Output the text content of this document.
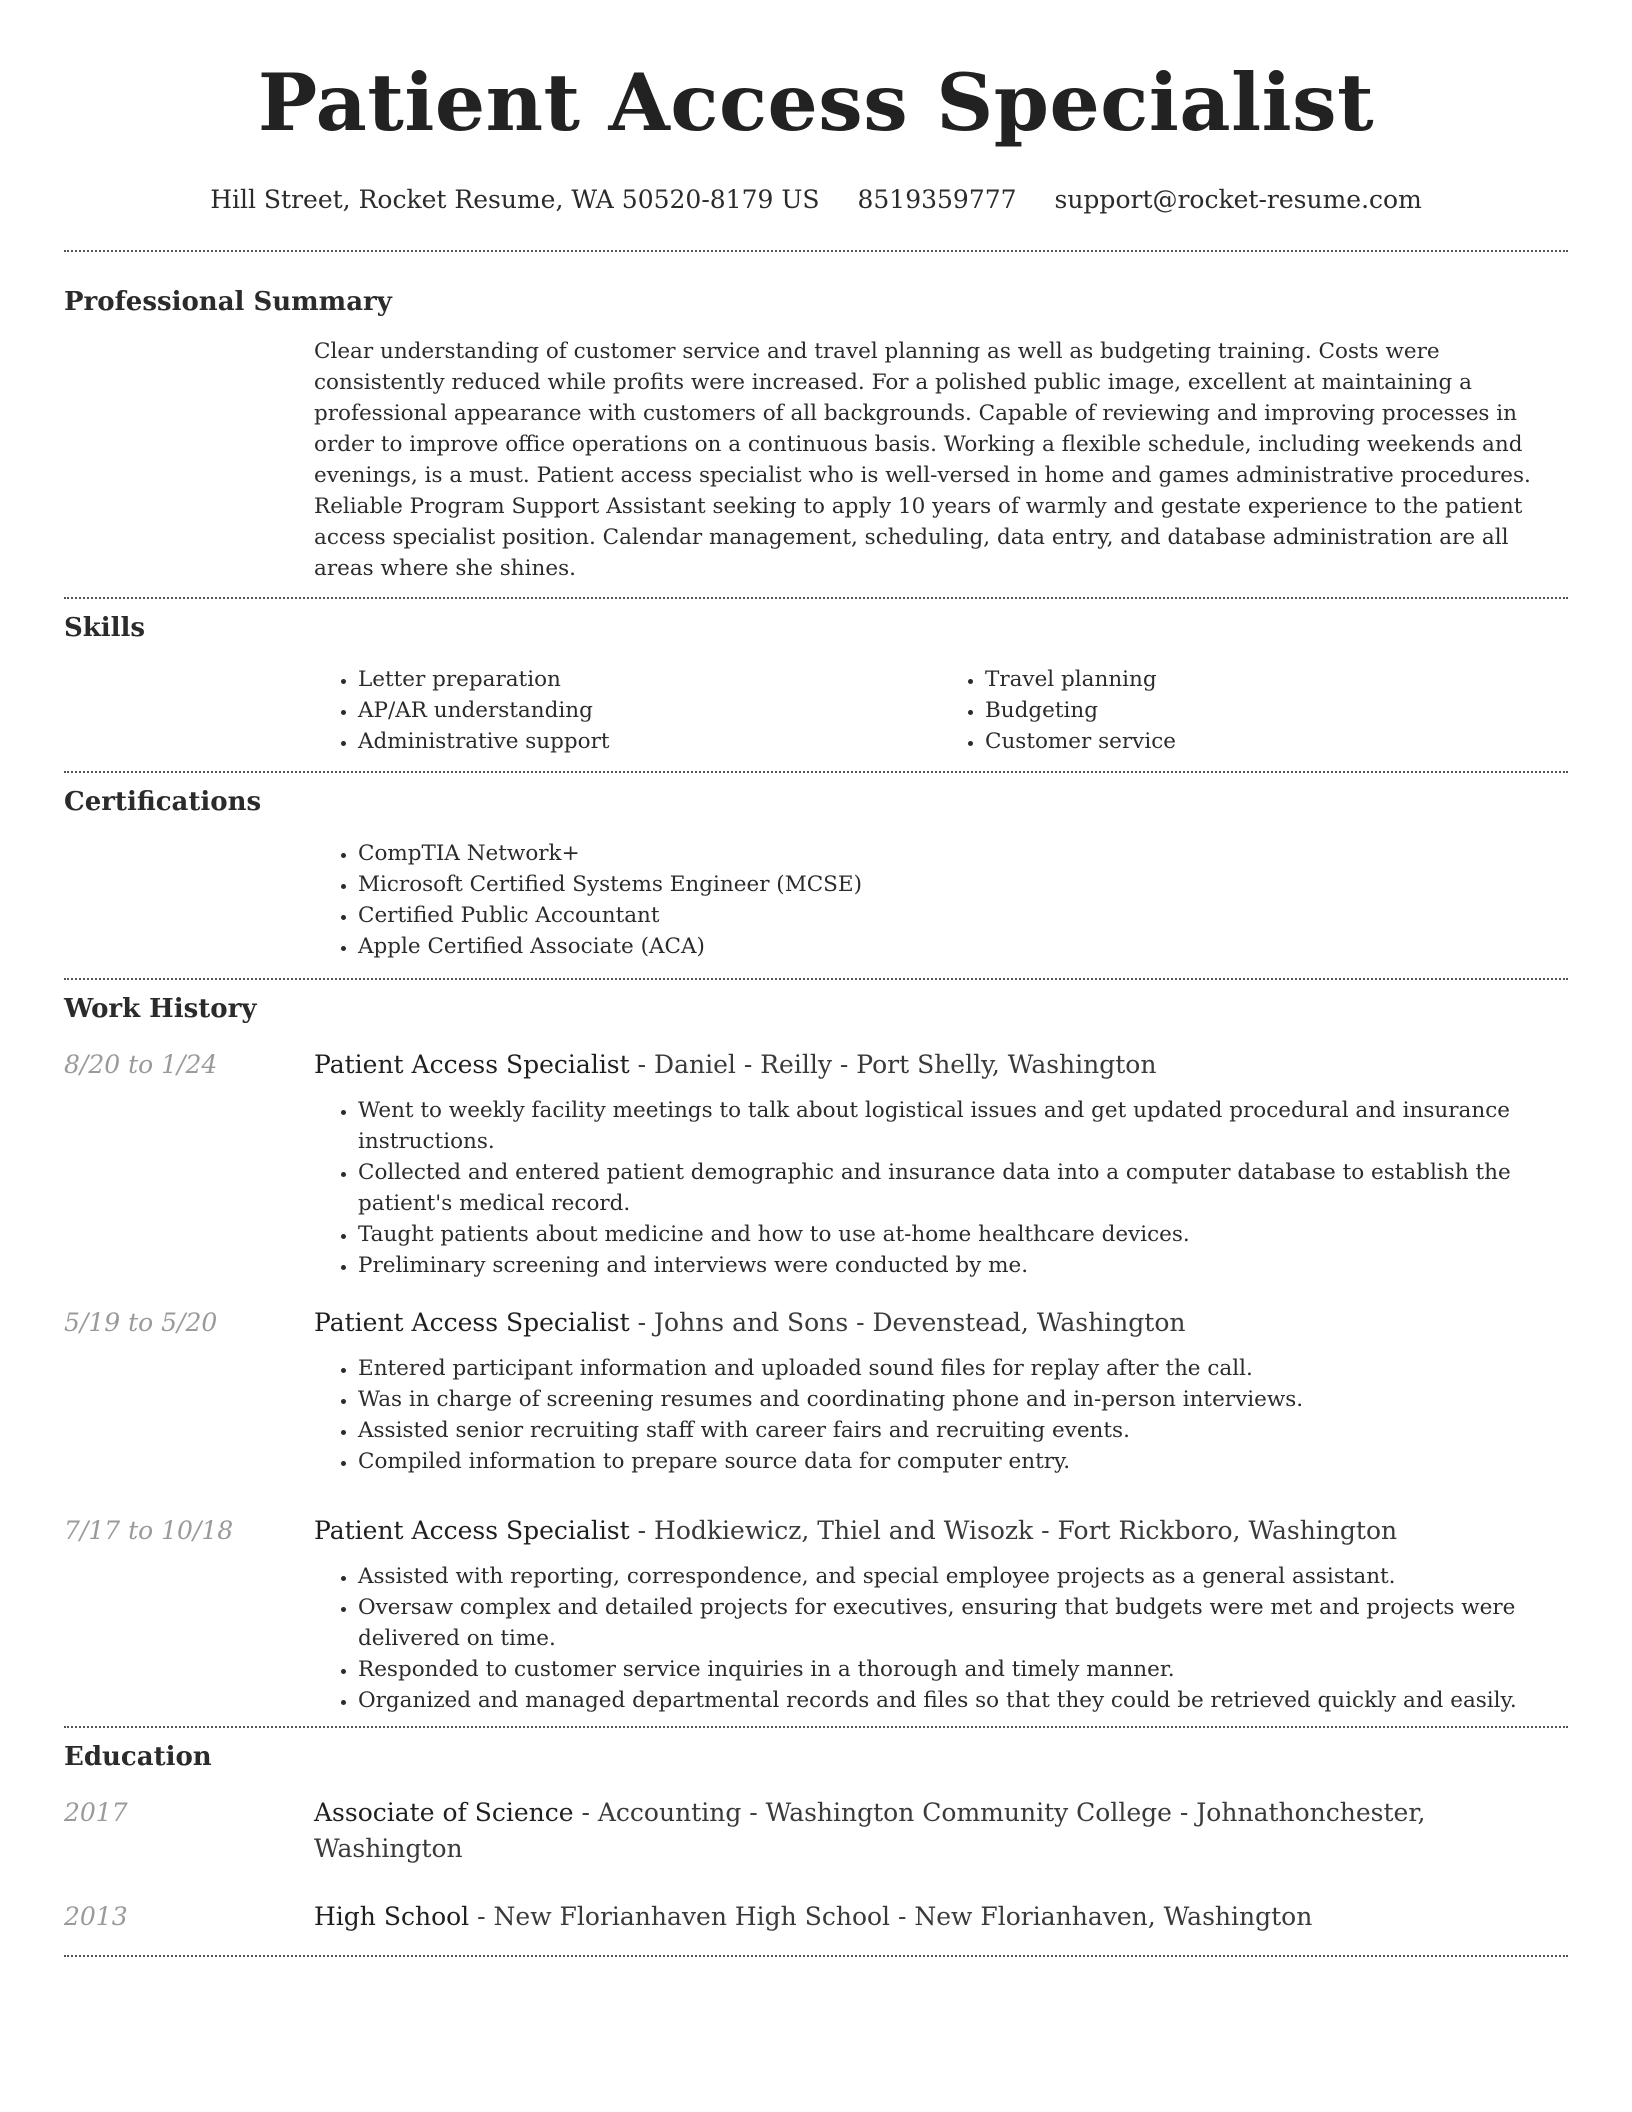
Patient Access Specialist
Hill Street, Rocket Resume, WA 50520-8179 US 8519359777 support@rocket-resume.com
Professional Summary

Clear understanding of customer service and travel planning as well as budgeting training. Costs were consistently reduced while profits were increased. For a polished public image, excellent at maintaining a professional appearance with customers of all backgrounds. Capable of reviewing and improving processes in order to improve office operations on a continuous basis. Working a flexible schedule, including weekends and evenings, is a must. Patient access specialist who is well-versed in home and games administrative procedures. Reliable Program Support Assistant seeking to apply 10 years of warmly and gestate experience to the patient access specialist position. Calendar management, scheduling, data entry, and database administration are all areas where she shines.

Skills
• Letter preparation
• AP/AR understanding
• Administrative support
• Travel planning
• Budgeting
• Customer service
Certifications
• CompTIA Network+
• Microsoft Certified Systems Engineer (MCSE)
• Certified Public Accountant
• Apple Certified Associate (ACA)
Work History
8/20 to 1/24	Patient Access Specialist - Daniel - Reilly - Port Shelly, Washington
• Went to weekly facility meetings to talk about logistical issues and get updated procedural and insurance instructions.
• Collected and entered patient demographic and insurance data into a computer database to establish the patient's medical record.
• Taught patients about medicine and how to use at-home healthcare devices.
• Preliminary screening and interviews were conducted by me.
5/19 to 5/20	Patient Access Specialist - Johns and Sons - Devenstead, Washington
• Entered participant information and uploaded sound files for replay after the call.
• Was in charge of screening resumes and coordinating phone and in-person interviews.
• Assisted senior recruiting staff with career fairs and recruiting events.
• Compiled information to prepare source data for computer entry.
7/17 to 10/18	Patient Access Specialist - Hodkiewicz, Thiel and Wisozk - Fort Rickboro, Washington
• Assisted with reporting, correspondence, and special employee projects as a general assistant.
• Oversaw complex and detailed projects for executives, ensuring that budgets were met and projects were delivered on time.
• Responded to customer service inquiries in a thorough and timely manner.
• Organized and managed departmental records and files so that they could be retrieved quickly and easily.
Education
2017	Associate of Science - Accounting - Washington Community College - Johnathonchester, Washington
2013	High School - New Florianhaven High School - New Florianhaven, Washington
